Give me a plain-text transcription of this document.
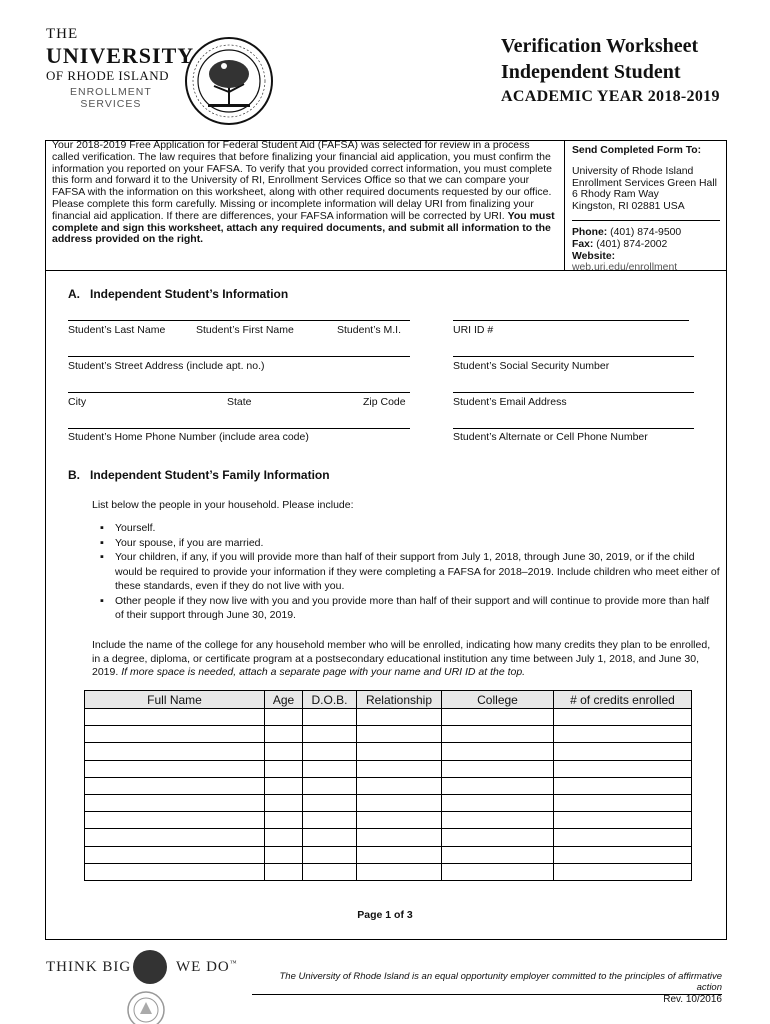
THE
UNIVERSITY
OF RHODE ISLAND
ENROLLMENT
SERVICES
Verification Worksheet
Independent Student
ACADEMIC YEAR 2018-2019
Your 2018-2019 Free Application for Federal Student Aid (FAFSA) was selected for review in a process called verification. The law requires that before finalizing your financial aid application, you must confirm the information you reported on your FAFSA. To verify that you provided correct information, you must complete this form and forward it to the University of RI, Enrollment Services Office so that we can compare your FAFSA with the information on this worksheet, along with other required documents requested by our office. Please complete this form carefully. Missing or incomplete information will delay URI from finalizing your financial aid application. If there are differences, your FAFSA information will be corrected by URI. You must complete and sign this worksheet, attach any required documents, and submit all information to the address provided on the right.
Send Completed Form To:
University of Rhode Island
Enrollment Services Green Hall
6 Rhody Ram Way
Kingston, RI 02881 USA
Phone: (401) 874-9500
Fax: (401) 874-2002
Website: web.uri.edu/enrollment
A.   Independent Student’s Information
Student’s Last Name	Student’s First Name	Student’s M.I.	URI ID #
Student’s Street Address (include apt. no.)	Student’s Social Security Number
City	State	Zip Code	Student’s Email Address
Student’s Home Phone Number (include area code)	Student’s Alternate or Cell Phone Number
B.   Independent Student’s Family Information
List below the people in your household. Please include:
▪ Yourself.
▪ Your spouse, if you are married.
▪ Your children, if any, if you will provide more than half of their support from July 1, 2018, through June 30, 2019, or if the child would be required to provide your information if they were completing a FAFSA for 2018–2019. Include children who meet either of these standards, even if they do not live with you.
▪ Other people if they now live with you and you provide more than half of their support and will continue to provide more than half of their support through June 30, 2019.
Include the name of the college for any household member who will be enrolled, indicating how many credits they plan to be enrolled, in a degree, diploma, or certificate program at a postsecondary educational institution any time between July 1, 2018, and June 30, 2019. If more space is needed, attach a separate page with your name and URI ID at the top.
Full Name	Age	D.O.B.	Relationship	College	# of credits enrolled

Page 1 of 3
THINK BIG	WE DO™
The University of Rhode Island is an equal opportunity employer committed to the principles of affirmative action
Rev. 10/2016
